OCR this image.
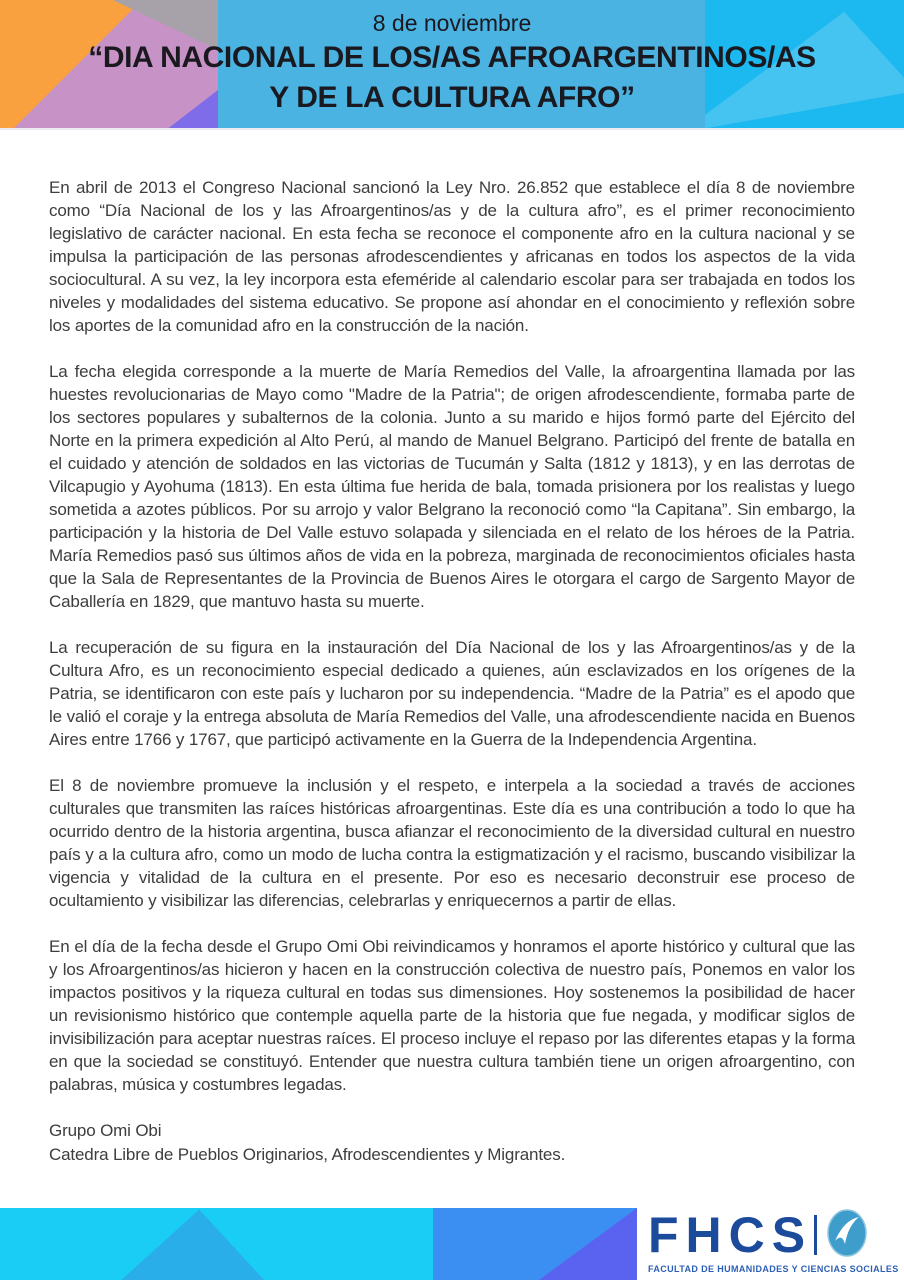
8 de noviembre
“DIA NACIONAL DE LOS/AS AFROARGENTINOS/AS
Y DE LA CULTURA AFRO”

En abril de 2013 el Congreso Nacional sancionó la Ley Nro. 26.852 que establece el día 8 de noviembre como “Día Nacional de los y las Afroargentinos/as y de la cultura afro”, es el primer reconocimiento legislativo de carácter nacional. En esta fecha se reconoce el componente afro en la cultura nacional y se impulsa la participación de las personas afrodescendientes y africanas en todos los aspectos de la vida sociocultural. A su vez, la ley incorpora esta efeméride al calendario escolar para ser trabajada en todos los niveles y modalidades del sistema educativo. Se propone así ahondar en el conocimiento y reflexión sobre los aportes de la comunidad afro en la construcción de la nación.

La fecha elegida corresponde a la muerte de María Remedios del Valle, la afroargentina llamada por las huestes revolucionarias de Mayo como "Madre de la Patria"; de origen afrodescendiente, formaba parte de los sectores populares y subalternos de la colonia. Junto a su marido e hijos formó parte del Ejército del Norte en la primera expedición al Alto Perú, al mando de Manuel Belgrano. Participó del frente de batalla en el cuidado y atención de soldados en las victorias de Tucumán y Salta (1812 y 1813), y en las derrotas de Vilcapugio y Ayohuma (1813). En esta última fue herida de bala, tomada prisionera por los realistas y luego sometida a azotes públicos. Por su arrojo y valor Belgrano la reconoció como “la Capitana”. Sin embargo, la participación y la historia de Del Valle estuvo solapada y silenciada en el relato de los héroes de la Patria. María Remedios pasó sus últimos años de vida en la pobreza, marginada de reconocimientos oficiales hasta que la Sala de Representantes de la Provincia de Buenos Aires le otorgara el cargo de Sargento Mayor de Caballería en 1829, que mantuvo hasta su muerte.

La recuperación de su figura en la instauración del Día Nacional de los y las Afroargentinos/as y de la Cultura Afro, es un reconocimiento especial dedicado a quienes, aún esclavizados en los orígenes de la Patria, se identificaron con este país y lucharon por su independencia. “Madre de la Patria” es el apodo que le valió el coraje y la entrega absoluta de María Remedios del Valle, una afrodescendiente nacida en Buenos Aires entre 1766 y 1767, que participó activamente en la Guerra de la Independencia Argentina.

El 8 de noviembre promueve la inclusión y el respeto, e interpela a la sociedad a través de acciones culturales que transmiten las raíces históricas afroargentinas. Este día es una contribución a todo lo que ha ocurrido dentro de la historia argentina, busca afianzar el reconocimiento de la diversidad cultural en nuestro país y a la cultura afro, como un modo de lucha contra la estigmatización y el racismo, buscando visibilizar la vigencia y vitalidad de la cultura en el presente. Por eso es necesario deconstruir ese proceso de ocultamiento y visibilizar las diferencias, celebrarlas y enriquecernos a partir de ellas.

En el día de la fecha desde el Grupo Omi Obi reivindicamos y honramos el aporte histórico y cultural que las y los Afroargentinos/as hicieron y hacen en la construcción colectiva de nuestro país, Ponemos en valor los impactos positivos y la riqueza cultural en todas sus dimensiones. Hoy sostenemos la posibilidad de hacer un revisionismo histórico que contemple aquella parte de la historia que fue negada, y modificar siglos de invisibilización para aceptar nuestras raíces. El proceso incluye el repaso por las diferentes etapas y la forma en que la sociedad se constituyó. Entender que nuestra cultura también tiene un origen afroargentino, con palabras, música y costumbres legadas.

Grupo Omi Obi
Catedra Libre de Pueblos Originarios, Afrodescendientes y Migrantes.
FHCS
FACULTAD DE HUMANIDADES Y CIENCIAS SOCIALES
